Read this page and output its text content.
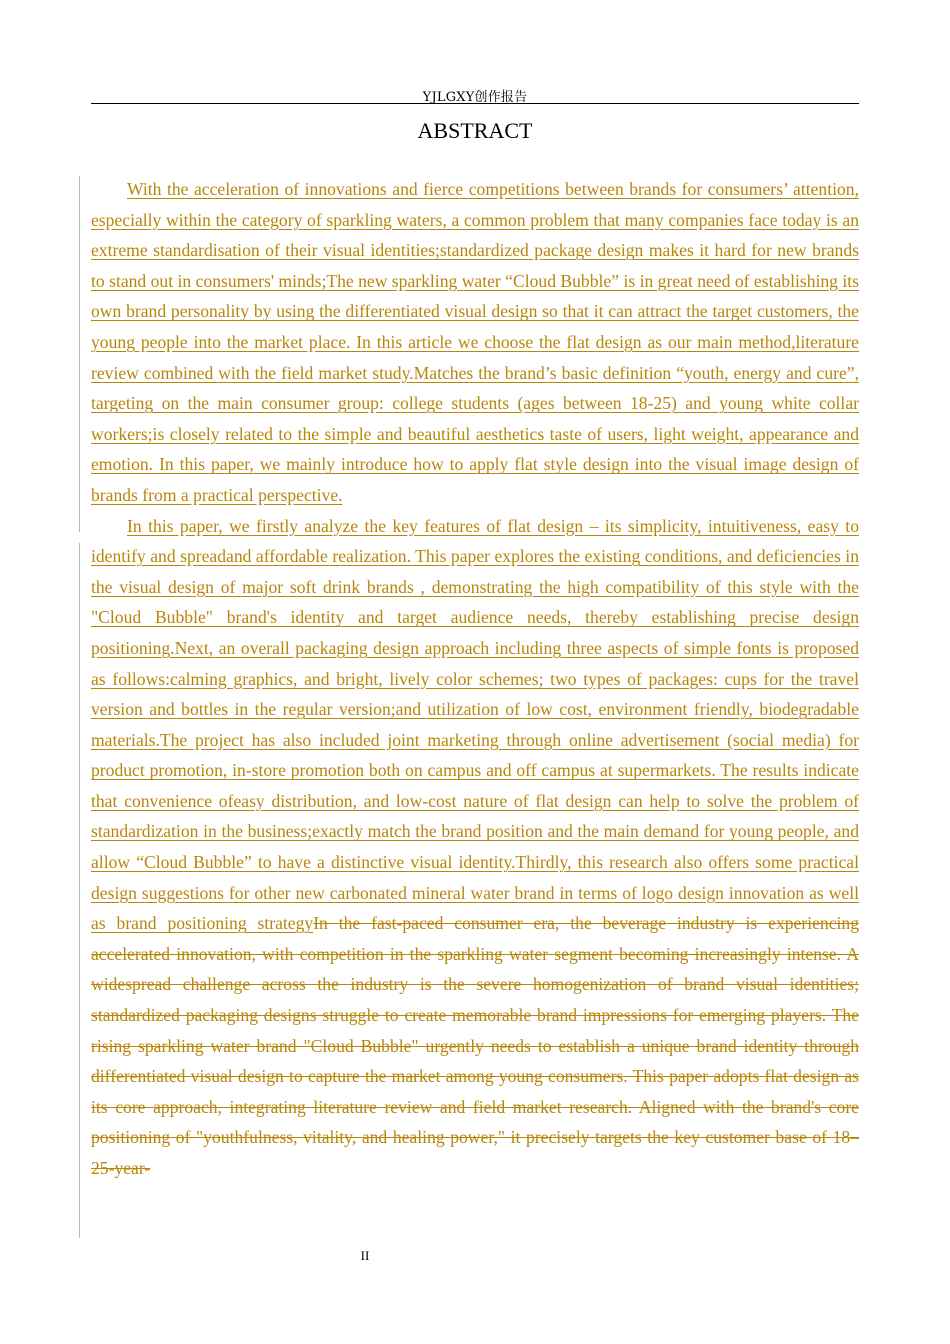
YJLGXY创作报告
ABSTRACT

With the acceleration of innovations and fierce competitions between brands for consumers’ attention, especially within the category of sparkling waters, a common problem that many companies face today is an extreme standardisation of their visual identities;standardized package design makes it hard for new brands to stand out in consumers' minds;The new sparkling water “Cloud Bubble” is in great need of establishing its own brand personality by using the differentiated visual design so that it can attract the target customers, the young people into the market place. In this article we choose the flat design as our main method,literature review combined with the field market study.Matches the brand’s basic definition “youth, energy and cure”, targeting on the main consumer group: college students (ages between 18-25) and young white collar workers;is closely related to the simple and beautiful aesthetics taste of users, light weight, appearance and emotion. In this paper, we mainly introduce how to apply flat style design into the visual image design of brands from a practical perspective.

In this paper, we firstly analyze the key features of flat design – its simplicity, intuitiveness, easy to identify and spreadand affordable realization. This paper explores the existing conditions, and deficiencies in the visual design of major soft drink brands , demonstrating the high compatibility of this style with the "Cloud Bubble" brand's identity and target audience needs, thereby establishing precise design positioning.Next, an overall packaging design approach including three aspects of simple fonts is proposed as follows:calming graphics, and bright, lively color schemes; two types of packages: cups for the travel version and bottles in the regular version;and utilization of low cost, environment friendly, biodegradable materials.The project has also included joint marketing through online advertisement (social media) for product promotion, in-store promotion both on campus and off campus at supermarkets. The results indicate that convenience ofeasy distribution, and low-cost nature of flat design can help to solve the problem of standardization in the business;exactly match the brand position and the main demand for young people, and allow “Cloud Bubble” to have a distinctive visual identity.Thirdly, this research also offers some practical design suggestions for other new carbonated mineral water brand in terms of logo design innovation as well as brand positioning strategyIn the fast-paced consumer era, the beverage industry is experiencing accelerated innovation, with competition in the sparkling water segment becoming increasingly intense. A widespread challenge across the industry is the severe homogenization of brand visual identities; standardized packaging designs struggle to create memorable brand impressions for emerging players. The rising sparkling water brand "Cloud Bubble" urgently needs to establish a unique brand identity through differentiated visual design to capture the market among young consumers. This paper adopts flat design as its core approach, integrating literature review and field market research. Aligned with the brand's core positioning of "youthfulness, vitality, and healing power," it precisely targets the key customer base of 18–25-year-

II
